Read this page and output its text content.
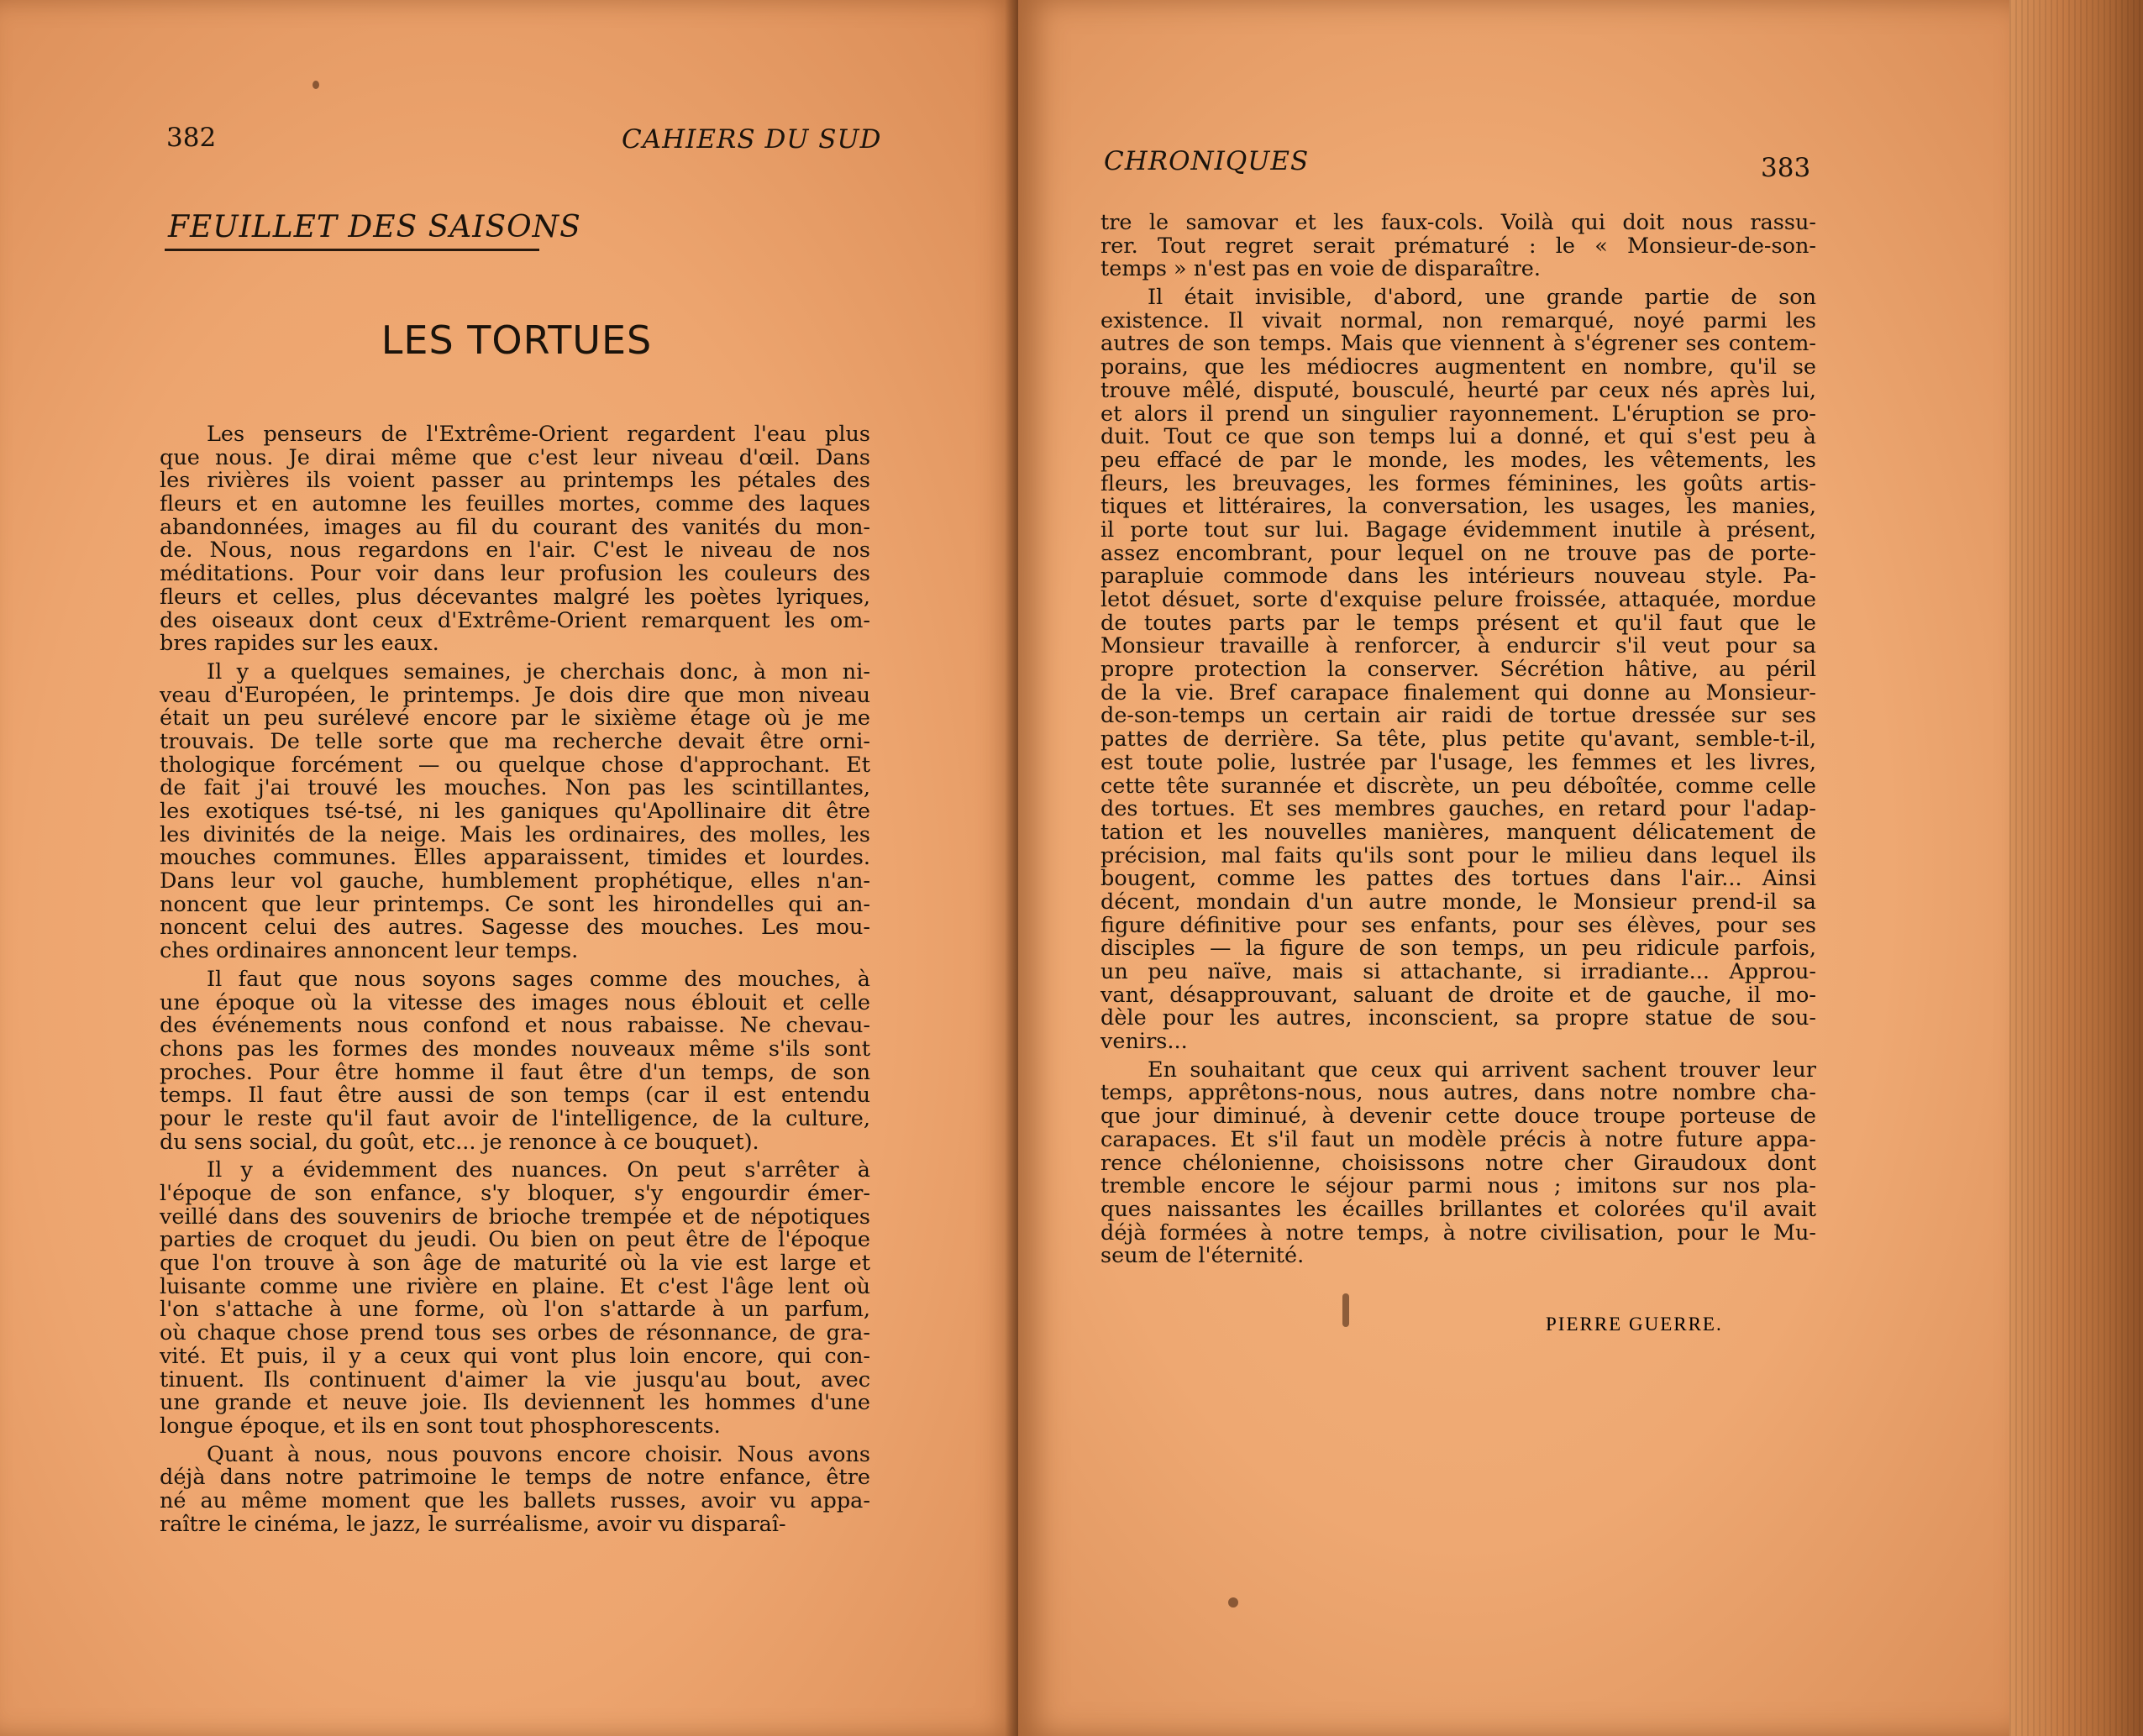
382	CAHIERS DU SUD
FEUILLET DES SAISONS
LES TORTUES
Les penseurs de l'Extrême-Orient regardent l'eau plus
que nous. Je dirai même que c'est leur niveau d'œil. Dans
les rivières ils voient passer au printemps les pétales des
fleurs et en automne les feuilles mortes, comme des laques
abandonnées, images au fil du courant des vanités du mon-
de. Nous, nous regardons en l'air. C'est le niveau de nos
méditations. Pour voir dans leur profusion les couleurs des
fleurs et celles, plus décevantes malgré les poètes lyriques,
des oiseaux dont ceux d'Extrême-Orient remarquent les om-
bres rapides sur les eaux.
Il y a quelques semaines, je cherchais donc, à mon ni-
veau d'Européen, le printemps. Je dois dire que mon niveau
était un peu surélevé encore par le sixième étage où je me
trouvais. De telle sorte que ma recherche devait être orni-
thologique forcément — ou quelque chose d'approchant. Et
de fait j'ai trouvé les mouches. Non pas les scintillantes,
les exotiques tsé-tsé, ni les ganiques qu'Apollinaire dit être
les divinités de la neige. Mais les ordinaires, des molles, les
mouches communes. Elles apparaissent, timides et lourdes.
Dans leur vol gauche, humblement prophétique, elles n'an-
noncent que leur printemps. Ce sont les hirondelles qui an-
noncent celui des autres. Sagesse des mouches. Les mou-
ches ordinaires annoncent leur temps.
Il faut que nous soyons sages comme des mouches, à
une époque où la vitesse des images nous éblouit et celle
des événements nous confond et nous rabaisse. Ne chevau-
chons pas les formes des mondes nouveaux même s'ils sont
proches. Pour être homme il faut être d'un temps, de son
temps. Il faut être aussi de son temps (car il est entendu
pour le reste qu'il faut avoir de l'intelligence, de la culture,
du sens social, du goût, etc... je renonce à ce bouquet).
Il y a évidemment des nuances. On peut s'arrêter à
l'époque de son enfance, s'y bloquer, s'y engourdir émer-
veillé dans des souvenirs de brioche trempée et de népotiques
parties de croquet du jeudi. Ou bien on peut être de l'époque
que l'on trouve à son âge de maturité où la vie est large et
luisante comme une rivière en plaine. Et c'est l'âge lent où
l'on s'attache à une forme, où l'on s'attarde à un parfum,
où chaque chose prend tous ses orbes de résonnance, de gra-
vité. Et puis, il y a ceux qui vont plus loin encore, qui con-
tinuent. Ils continuent d'aimer la vie jusqu'au bout, avec
une grande et neuve joie. Ils deviennent les hommes d'une
longue époque, et ils en sont tout phosphorescents.
Quant à nous, nous pouvons encore choisir. Nous avons
déjà dans notre patrimoine le temps de notre enfance, être
né au même moment que les ballets russes, avoir vu appa-
raître le cinéma, le jazz, le surréalisme, avoir vu disparaî-
CHRONIQUES	383
tre le samovar et les faux-cols. Voilà qui doit nous rassu-
rer. Tout regret serait prématuré : le « Monsieur-de-son-
temps » n'est pas en voie de disparaître.
Il était invisible, d'abord, une grande partie de son
existence. Il vivait normal, non remarqué, noyé parmi les
autres de son temps. Mais que viennent à s'égrener ses contem-
porains, que les médiocres augmentent en nombre, qu'il se
trouve mêlé, disputé, bousculé, heurté par ceux nés après lui,
et alors il prend un singulier rayonnement. L'éruption se pro-
duit. Tout ce que son temps lui a donné, et qui s'est peu à
peu effacé de par le monde, les modes, les vêtements, les
fleurs, les breuvages, les formes féminines, les goûts artis-
tiques et littéraires, la conversation, les usages, les manies,
il porte tout sur lui. Bagage évidemment inutile à présent,
assez encombrant, pour lequel on ne trouve pas de porte-
parapluie commode dans les intérieurs nouveau style. Pa-
letot désuet, sorte d'exquise pelure froissée, attaquée, mordue
de toutes parts par le temps présent et qu'il faut que le
Monsieur travaille à renforcer, à endurcir s'il veut pour sa
propre protection la conserver. Sécrétion hâtive, au péril
de la vie. Bref carapace finalement qui donne au Monsieur-
de-son-temps un certain air raidi de tortue dressée sur ses
pattes de derrière. Sa tête, plus petite qu'avant, semble-t-il,
est toute polie, lustrée par l'usage, les femmes et les livres,
cette tête surannée et discrète, un peu déboîtée, comme celle
des tortues. Et ses membres gauches, en retard pour l'adap-
tation et les nouvelles manières, manquent délicatement de
précision, mal faits qu'ils sont pour le milieu dans lequel ils
bougent, comme les pattes des tortues dans l'air... Ainsi
décent, mondain d'un autre monde, le Monsieur prend-il sa
figure définitive pour ses enfants, pour ses élèves, pour ses
disciples — la figure de son temps, un peu ridicule parfois,
un peu naïve, mais si attachante, si irradiante... Approu-
vant, désapprouvant, saluant de droite et de gauche, il mo-
dèle pour les autres, inconscient, sa propre statue de sou-
venirs...
En souhaitant que ceux qui arrivent sachent trouver leur
temps, apprêtons-nous, nous autres, dans notre nombre cha-
que jour diminué, à devenir cette douce troupe porteuse de
carapaces. Et s'il faut un modèle précis à notre future appa-
rence chélonienne, choisissons notre cher Giraudoux dont
tremble encore le séjour parmi nous ; imitons sur nos pla-
ques naissantes les écailles brillantes et colorées qu'il avait
déjà formées à notre temps, à notre civilisation, pour le Mu-
seum de l'éternité.
PIERRE GUERRE.
